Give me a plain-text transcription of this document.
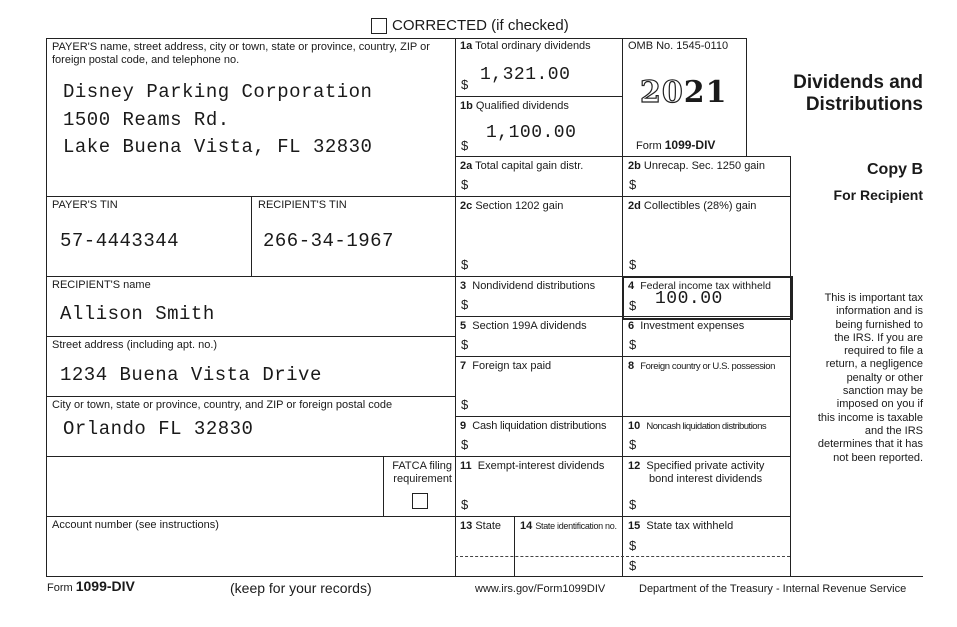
CORRECTED (if checked)
PAYER'S name, street address, city or town, state or province, country, ZIP or foreign postal code, and telephone no.
Disney Parking Corporation
1500 Reams Rd.
Lake Buena Vista, FL 32830
PAYER'S TIN
57-4443344
RECIPIENT'S TIN
266-34-1967
RECIPIENT'S name
Allison Smith
Street address (including apt. no.)
1234 Buena Vista Drive
City or town, state or province, country, and ZIP or foreign postal code
Orlando FL 32830
FATCA filing
requirement
Account number (see instructions)
1a Total ordinary dividends
$ 1,321.00
1b Qualified dividends
$
1,100.00
OMB No. 1545-0110
2021
Form 1099-DIV
Dividends and
Distributions
Copy B
For Recipient
This is important tax
information and is
being furnished to
the IRS. If you are
required to file a
return, a negligence
penalty or other
sanction may be
imposed on you if
this income is taxable
and the IRS
determines that it has
not been reported.
2a Total capital gain distr.
$
2b Unrecap. Sec. 1250 gain
$
2c Section 1202 gain
$
2d Collectibles (28%) gain
$
3 Nondividend distributions
$
4 Federal income tax withheld
$ 100.00
5 Section 199A dividends
$
6 Investment expenses
$
7 Foreign tax paid
$
8 Foreign country or U.S. possession
9 Cash liquidation distributions
$
10 Noncash liquidation distributions
$
11 Exempt-interest dividends
$
12 Specified private activity
bond interest dividends
$
13 State 14 State identification no. 15 State tax withheld
$
$
Form 1099-DIV	(keep for your records)	www.irs.gov/Form1099DIV	Department of the Treasury - Internal Revenue Service
